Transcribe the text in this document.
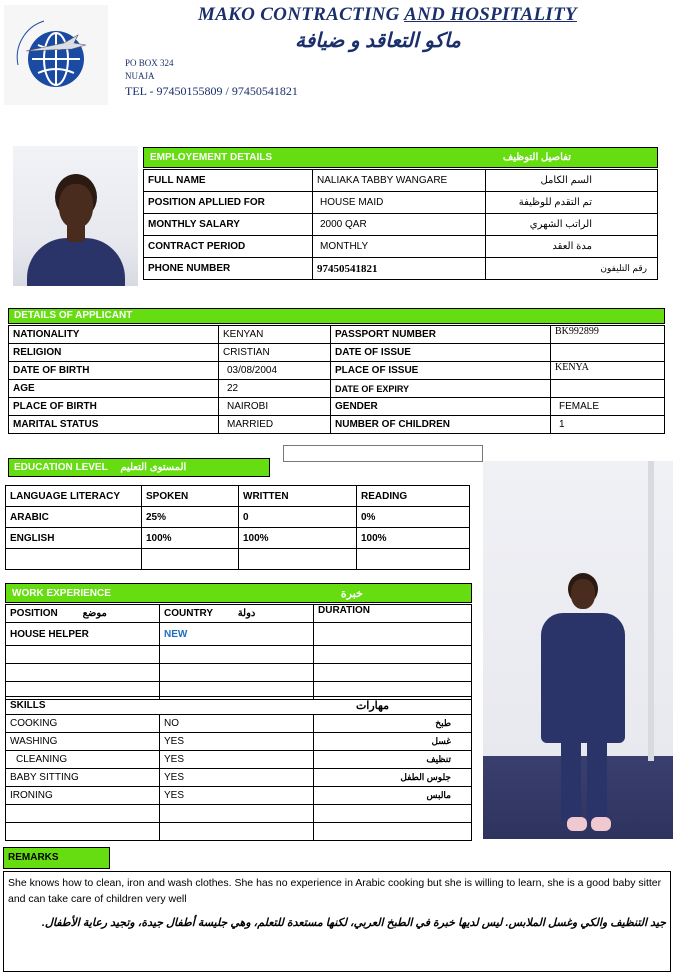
MAKO CONTRACTING AND HOSPITALITY
ماكو التعاقد و ضيافة
PO BOX 324
NUAJA
TEL - 97450155809 / 97450541821
EMPLOYEMENT DETAILS	تفاصيل التوظيف
FULL NAME	NALIAKA TABBY WANGARE	السم الكامل
POSITION APLLIED FOR	HOUSE MAID	تم التقدم للوظيفة
MONTHLY SALARY	2000 QAR	الراتب الشهري
CONTRACT PERIOD	MONTHLY	مدة العقد
PHONE NUMBER	97450541821	رقم التليفون
DETAILS OF APPLICANT
NATIONALITY	KENYAN	PASSPORT NUMBER	BK992899
RELIGION	CRISTIAN	DATE OF ISSUE	
DATE OF BIRTH	03/08/2004	PLACE OF ISSUE	KENYA
AGE	22	DATE OF EXPIRY	
PLACE OF BIRTH	NAIROBI	GENDER	FEMALE
MARITAL STATUS	MARRIED	NUMBER OF CHILDREN	1
EDUCATION LEVEL المستوى التعليم
LANGUAGE LITERACY	SPOKEN	WRITTEN	READING
ARABIC	25%	0	0%
ENGLISH	100%	100%	100%

WORK EXPERIENCE	خبرة
POSITION موضع	COUNTRY دولة	DURATION
HOUSE HELPER	NEW	

SKILLS		مهارات
COOKING	NO	طبخ
WASHING	YES	غسل
CLEANING	YES	تنظيف
BABY SITTING	YES	جلوس الطفل
IRONING	YES	مالبس

REMARKS
She knows how to clean, iron and wash clothes. She has no experience in Arabic cooking but she is willing to learn, she is a good baby sitter and can take care of children very well
جيد التنظيف والكي وغسل الملابس. ليس لديها خبرة في الطبخ العربي، لكنها مستعدة للتعلم، وهي جليسة أطفال جيدة، وتجيد رعاية الأطفال.
